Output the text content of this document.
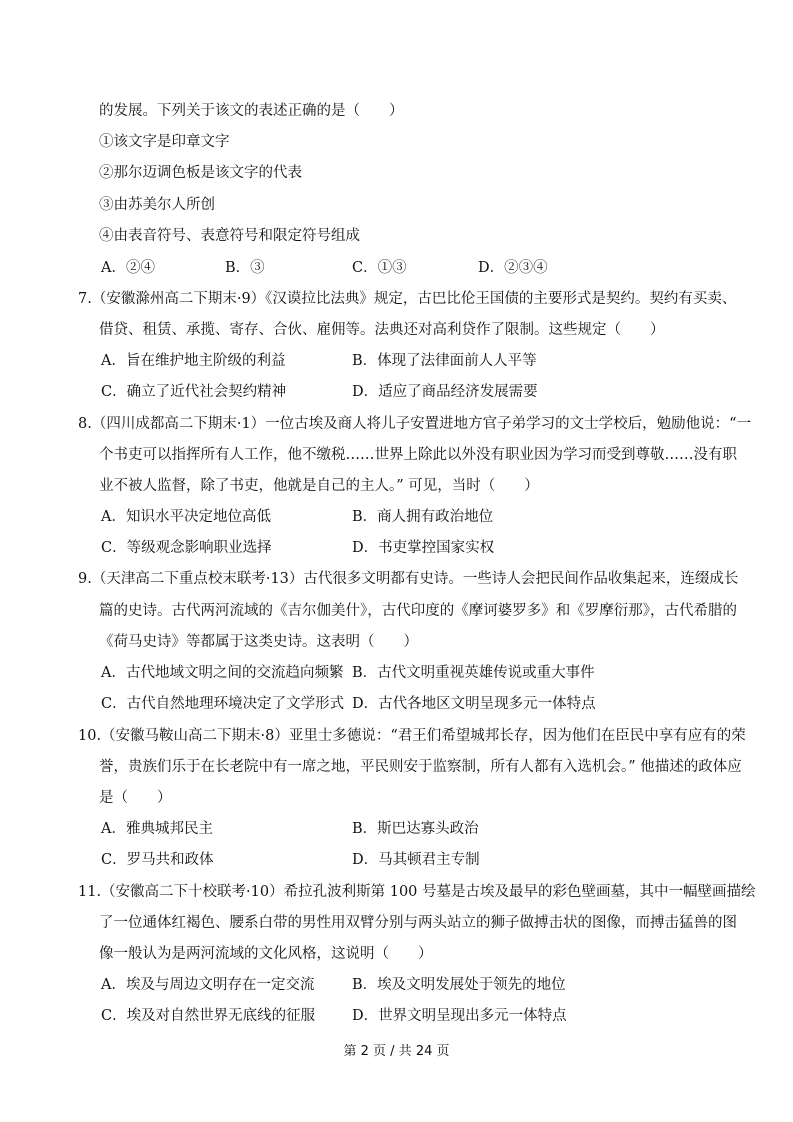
的发展。下列关于该文的表述正确的是（　　）
①该文字是印章文字
②那尔迈调色板是该文字的代表
③由苏美尔人所创
④由表音符号、表意符号和限定符号组成
A．②④	B．③	C．①③	D．②③④
7.（安徽滁州高二下期末·9）《汉谟拉比法典》规定，古巴比伦王国债的主要形式是契约。契约有买卖、
借贷、租赁、承揽、寄存、合伙、雇佣等。法典还对高利贷作了限制。这些规定（　　）
A．旨在维护地主阶级的利益	B．体现了法律面前人人平等
C．确立了近代社会契约精神	D．适应了商品经济发展需要
8.（四川成都高二下期末·1）一位古埃及商人将儿子安置进地方官子弟学习的文士学校后，勉励他说：“一
个书吏可以指挥所有人工作，他不缴税……世界上除此以外没有职业因为学习而受到尊敬……没有职
业不被人监督，除了书吏，他就是自己的主人。” 可见，当时（　　）
A．知识水平决定地位高低	B．商人拥有政治地位
C．等级观念影响职业选择	D．书吏掌控国家实权
9.（天津高二下重点校末联考·13）古代很多文明都有史诗。一些诗人会把民间作品收集起来，连缀成长
篇的史诗。古代两河流域的《吉尔伽美什》，古代印度的《摩诃婆罗多》和《罗摩衍那》，古代希腊的
《荷马史诗》等都属于这类史诗。这表明（　　）
A．古代地域文明之间的交流趋向频繁 B．古代文明重视英雄传说或重大事件
C．古代自然地理环境决定了文学形式 D．古代各地区文明呈现多元一体特点
10.（安徽马鞍山高二下期末·8）亚里士多德说：“君王们希望城邦长存，因为他们在臣民中享有应有的荣
誉，贵族们乐于在长老院中有一席之地，平民则安于监察制，所有人都有入选机会。” 他描述的政体应
是（　　）
A．雅典城邦民主	B．斯巴达寡头政治
C．罗马共和政体	D．马其顿君主专制
11.（安徽高二下十校联考·10）希拉孔波利斯第 100 号墓是古埃及最早的彩色壁画墓，其中一幅壁画描绘
了一位通体红褐色、腰系白带的男性用双臂分别与两头站立的狮子做搏击状的图像，而搏击猛兽的图
像一般认为是两河流域的文化风格，这说明（　　）
A．埃及与周边文明存在一定交流	B．埃及文明发展处于领先的地位
C．埃及对自然世界无底线的征服	D．世界文明呈现出多元一体特点
第 2 页 / 共 24 页
